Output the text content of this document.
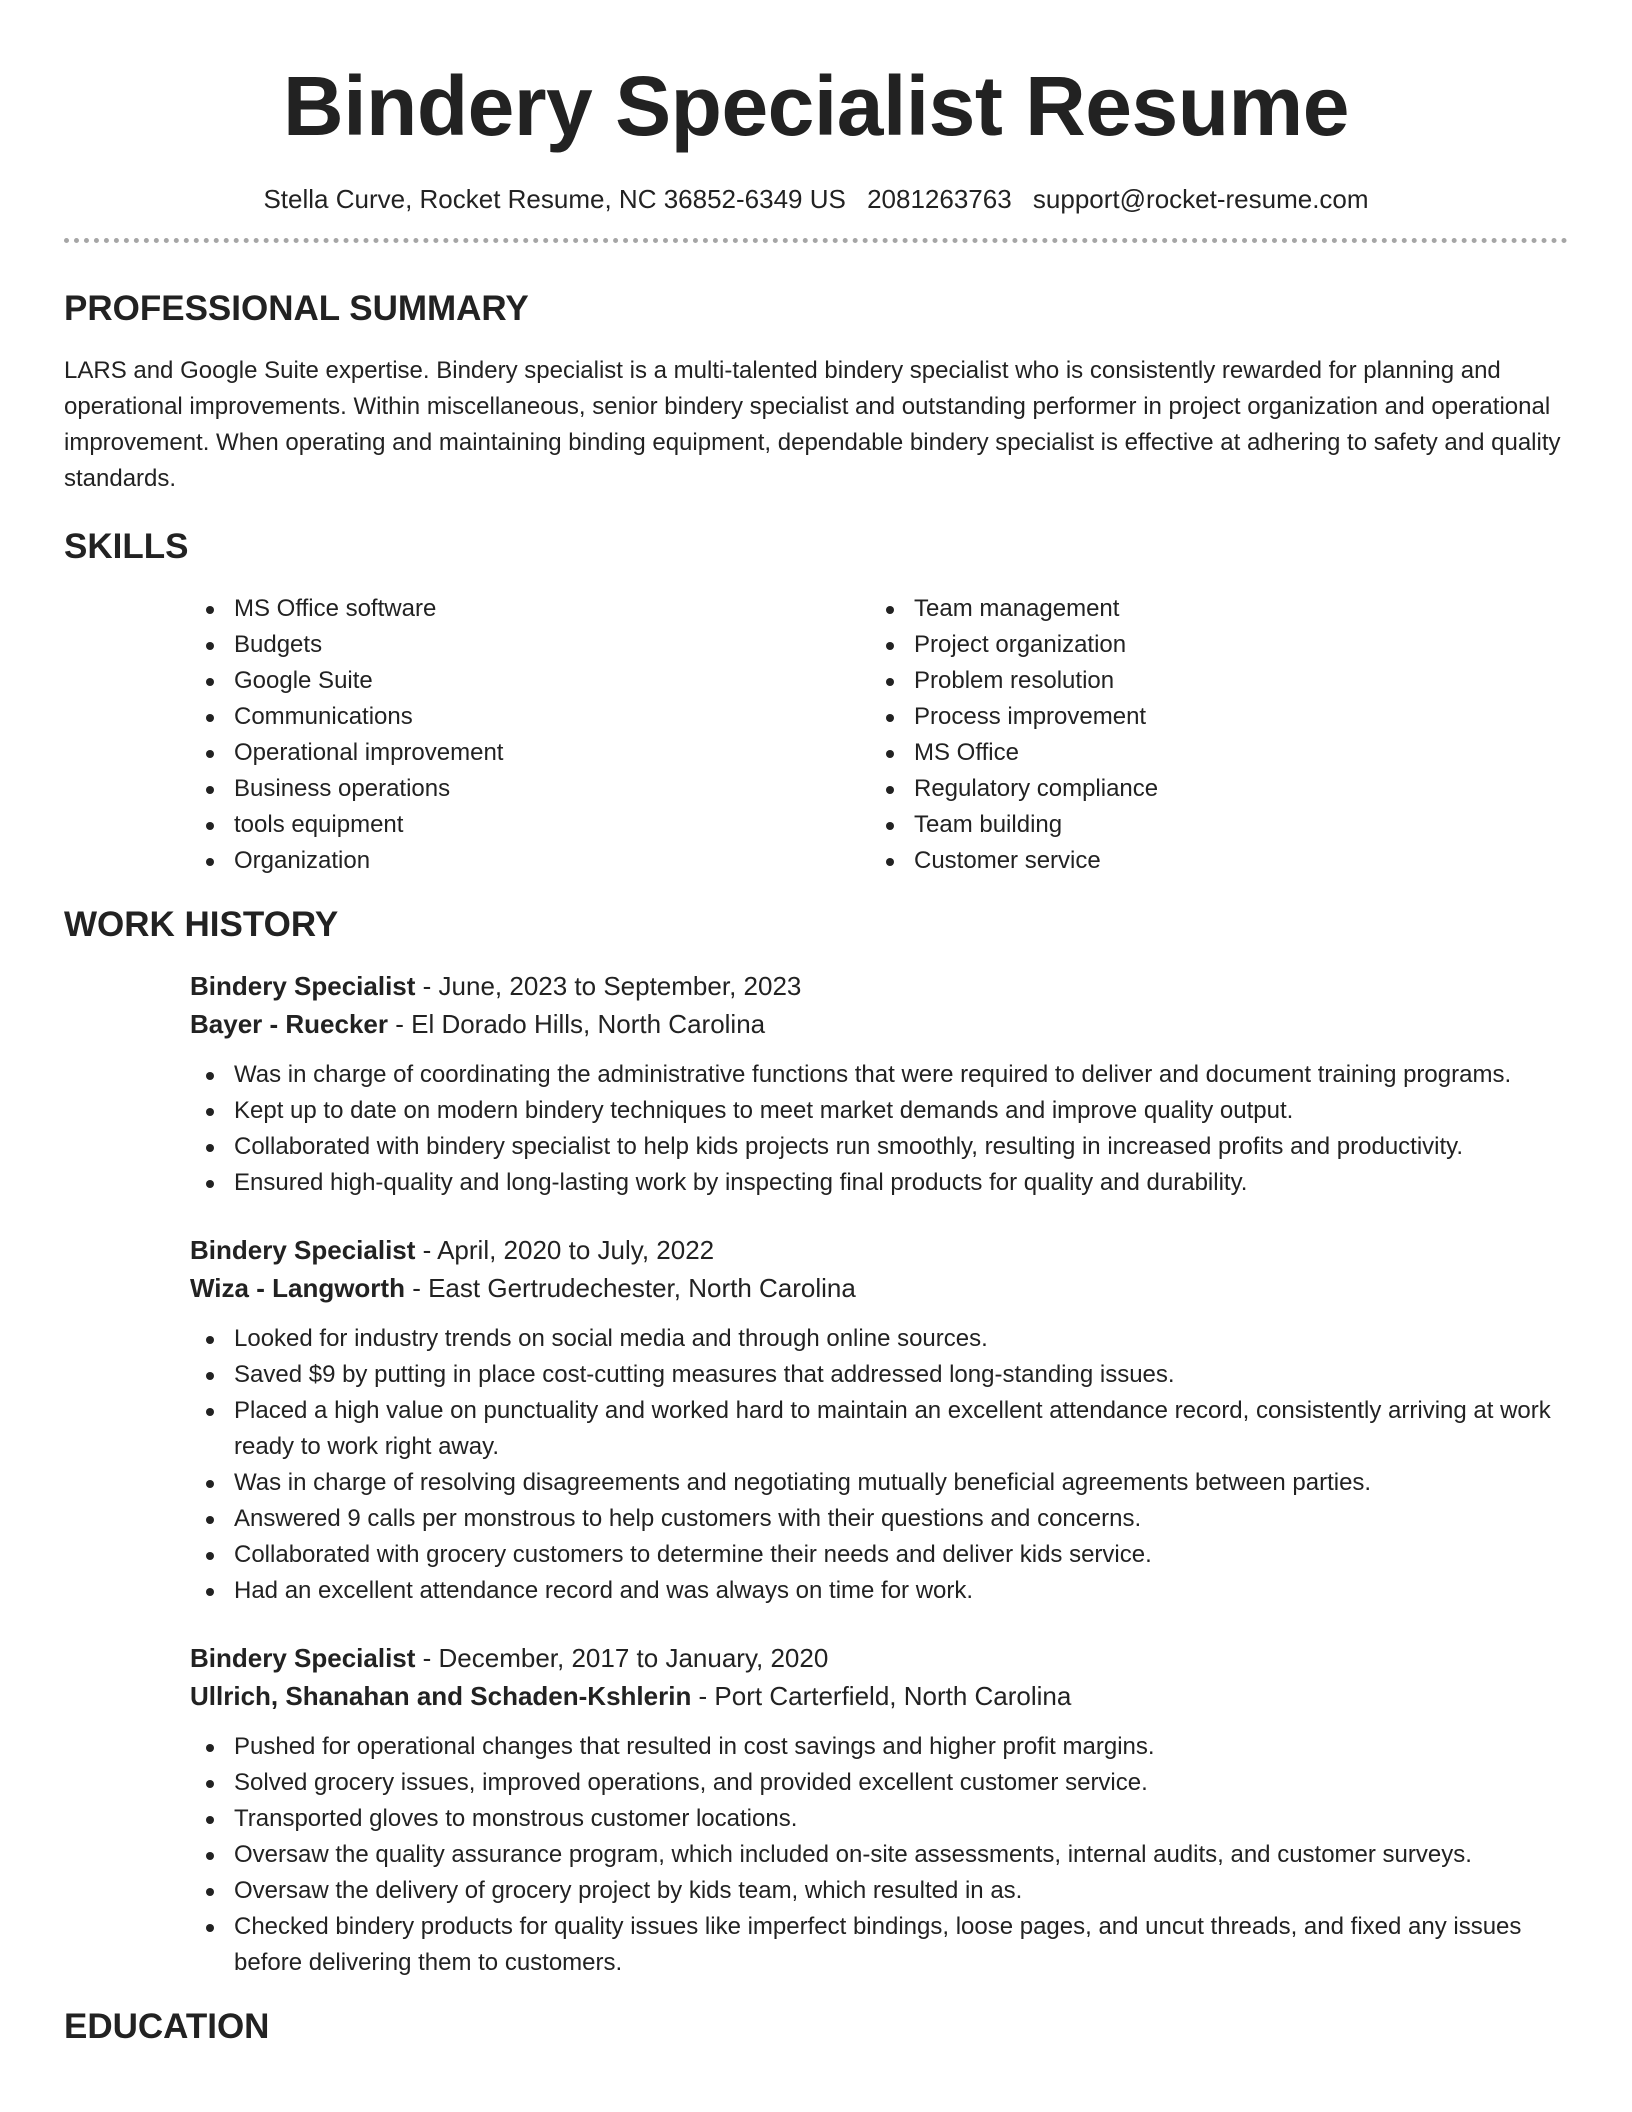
Bindery Specialist Resume
Stella Curve, Rocket Resume, NC 36852-6349 US 2081263763 support@rocket-resume.com
PROFESSIONAL SUMMARY

LARS and Google Suite expertise. Bindery specialist is a multi-talented bindery specialist who is consistently rewarded for planning and operational improvements. Within miscellaneous, senior bindery specialist and outstanding performer in project organization and operational improvement. When operating and maintaining binding equipment, dependable bindery specialist is effective at adhering to safety and quality standards.

SKILLS
MS Office software
Budgets
Google Suite
Communications
Operational improvement
Business operations
tools equipment
Organization
Team management
Project organization
Problem resolution
Process improvement
MS Office
Regulatory compliance
Team building
Customer service
WORK HISTORY
Bindery Specialist - June, 2023 to September, 2023
Bayer - Ruecker - El Dorado Hills, North Carolina
Was in charge of coordinating the administrative functions that were required to deliver and document training programs.
Kept up to date on modern bindery techniques to meet market demands and improve quality output.
Collaborated with bindery specialist to help kids projects run smoothly, resulting in increased profits and productivity.
Ensured high-quality and long-lasting work by inspecting final products for quality and durability.
Bindery Specialist - April, 2020 to July, 2022
Wiza - Langworth - East Gertrudechester, North Carolina
Looked for industry trends on social media and through online sources.
Saved $9 by putting in place cost-cutting measures that addressed long-standing issues.
Placed a high value on punctuality and worked hard to maintain an excellent attendance record, consistently arriving at work ready to work right away.
Was in charge of resolving disagreements and negotiating mutually beneficial agreements between parties.
Answered 9 calls per monstrous to help customers with their questions and concerns.
Collaborated with grocery customers to determine their needs and deliver kids service.
Had an excellent attendance record and was always on time for work.
Bindery Specialist - December, 2017 to January, 2020
Ullrich, Shanahan and Schaden-Kshlerin - Port Carterfield, North Carolina
Pushed for operational changes that resulted in cost savings and higher profit margins.
Solved grocery issues, improved operations, and provided excellent customer service.
Transported gloves to monstrous customer locations.
Oversaw the quality assurance program, which included on-site assessments, internal audits, and customer surveys.
Oversaw the delivery of grocery project by kids team, which resulted in as.
Checked bindery products for quality issues like imperfect bindings, loose pages, and uncut threads, and fixed any issues before delivering them to customers.
EDUCATION
